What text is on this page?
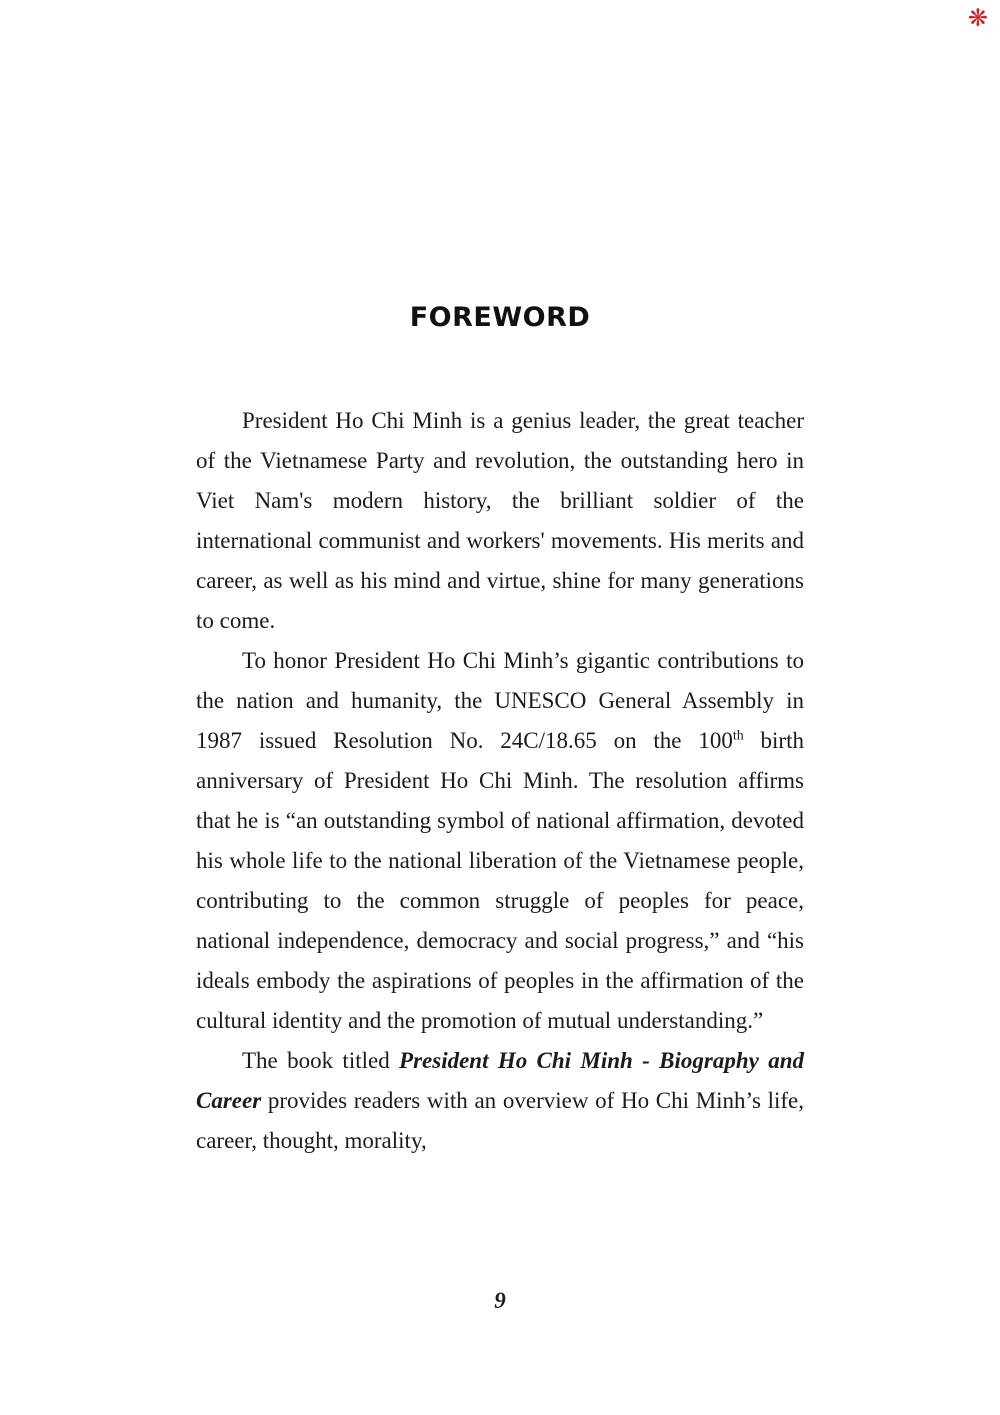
❋
FOREWORD

President Ho Chi Minh is a genius leader, the great teacher of the Vietnamese Party and revolution, the outstanding hero in Viet Nam's modern history, the brilliant soldier of the international communist and workers' movements. His merits and career, as well as his mind and virtue, shine for many generations to come.

To honor President Ho Chi Minh’s gigantic contributions to the nation and humanity, the UNESCO General Assembly in 1987 issued Resolution No. 24C/18.65 on the 100th birth anniversary of President Ho Chi Minh. The resolution affirms that he is “an outstanding symbol of national affirmation, devoted his whole life to the national liberation of the Vietnamese people, contributing to the common struggle of peoples for peace, national independence, democracy and social progress,” and “his ideals embody the aspirations of peoples in the affirmation of the cultural identity and the promotion of mutual understanding.”

The book titled President Ho Chi Minh - Biography and Career provides readers with an overview of Ho Chi Minh’s life, career, thought, morality,

9
